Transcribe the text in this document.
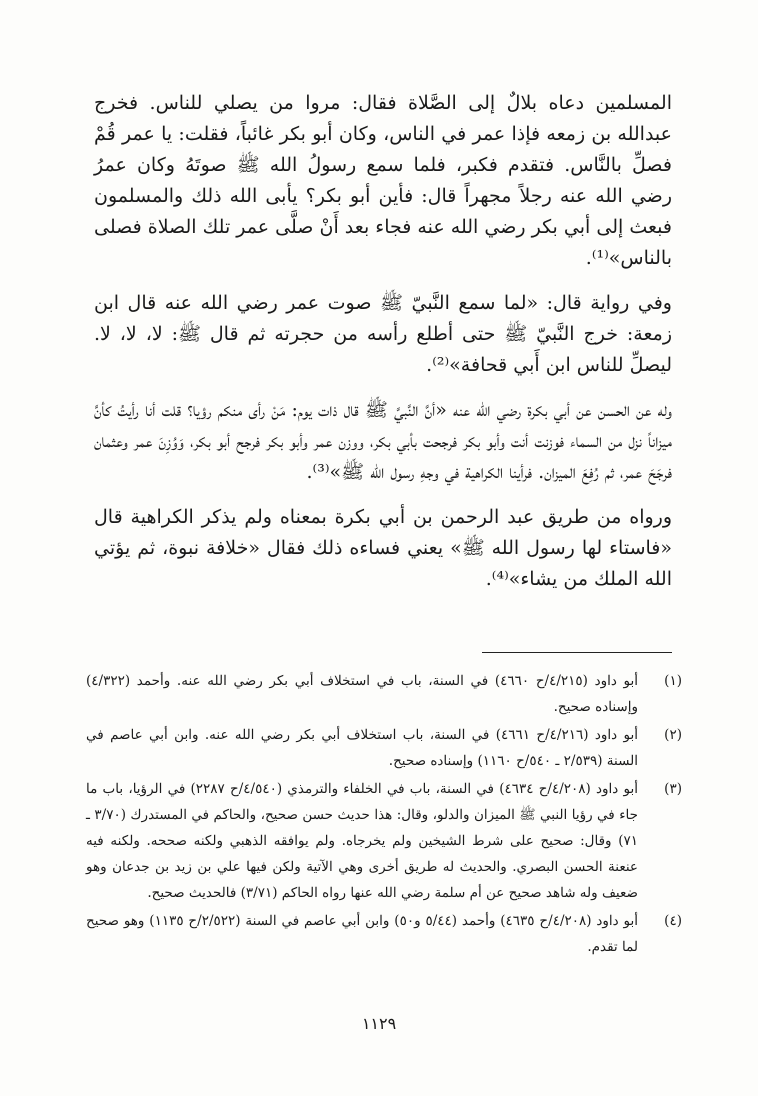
المسلمين دعاه بلالٌ إلى الصَّلاة فقال: مروا من يصلي للناس. فخرج عبدالله بن زمعه فإذا عمر في الناس، وكان أبو بكر غائباً، فقلت: يا عمر قُمْ فصلِّ بالنَّاس. فتقدم فكبر، فلما سمع رسولُ الله ﷺ صوتَهُ وكان عمرُ رضي الله عنه رجلاً مجهراً قال: فأين أبو بكر؟ يأبى الله ذلك والمسلمون فبعث إلى أبي بكر رضي الله عنه فجاء بعد أَنْ صلَّى عمر تلك الصلاة فصلى بالناس»⁽¹⁾.

وفي رواية قال: «لما سمع النَّبيّ ﷺ صوت عمر رضي الله عنه قال ابن زمعة: خرج النَّبيّ ﷺ حتى أطلع رأسه من حجرته ثم قال ﷺ: لا، لا، لا. ليصلِّ للناس ابن أَبي قحافة»⁽²⁾.

وله عن الحسن عن أبي بكرة رضي الله عنه «أنَّ النَّبيَّ ﷺ قال ذات يوم: مَنْ رأى منكم رؤيا؟ قلت أنا رأيتُ كأنَّ ميزاناً نزل من السماء فوزنت أنت وأبو بكر فرجحت بأبي بكر، ووزن عمر وأبو بكر فرجح أبو بكر، وَوُزِنَ عمر وعثمان فرجَحَ عمر، ثم رُفِعَ الميزان. فرأينا الكراهية في وجهِ رسول الله ﷺ»⁽³⁾.

ورواه من طريق عبد الرحمن بن أبي بكرة بمعناه ولم يذكر الكراهية قال «فاستاء لها رسول الله ﷺ» يعني فساءه ذلك فقال «خلافة نبوة، ثم يؤتي الله الملك من يشاء»⁽⁴⁾.

(١)
أبو داود (٤/٢١٥/ح ٤٦٦٠) في السنة، باب في استخلاف أبي بكر رضي الله عنه. وأحمد (٤/٣٢٢) وإسناده صحيح.
(٢)
أبو داود (٤/٢١٦/ح ٤٦٦١) في السنة، باب استخلاف أبي بكر رضي الله عنه. وابن أبي عاصم في السنة (٢/٥٣٩ ـ ٥٤٠/ح ١١٦٠) وإسناده صحيح.
(٣)
أبو داود (٤/٢٠٨/ح ٤٦٣٤) في السنة، باب في الخلفاء والترمذي (٤/٥٤٠/ح ٢٢٨٧) في الرؤيا، باب ما جاء في رؤيا النبي ﷺ الميزان والدلو، وقال: هذا حديث حسن صحيح، والحاكم في المستدرك (٣/٧٠ ـ ٧١) وقال: صحيح على شرط الشيخين ولم يخرجاه. ولم يوافقه الذهبي ولكنه صححه. ولكنه فيه عنعنة الحسن البصري. والحديث له طريق أخرى وهي الآتية ولكن فيها علي بن زيد بن جدعان وهو ضعيف وله شاهد صحيح عن أم سلمة رضي الله عنها رواه الحاكم (٣/٧١) فالحديث صحيح.
(٤)
أبو داود (٤/٢٠٨/ح ٤٦٣٥) وأحمد (٥/٤٤ و٥٠) وابن أبي عاصم في السنة (٢/٥٢٢/ح ١١٣٥) وهو صحيح لما تقدم.
١١٢٩
